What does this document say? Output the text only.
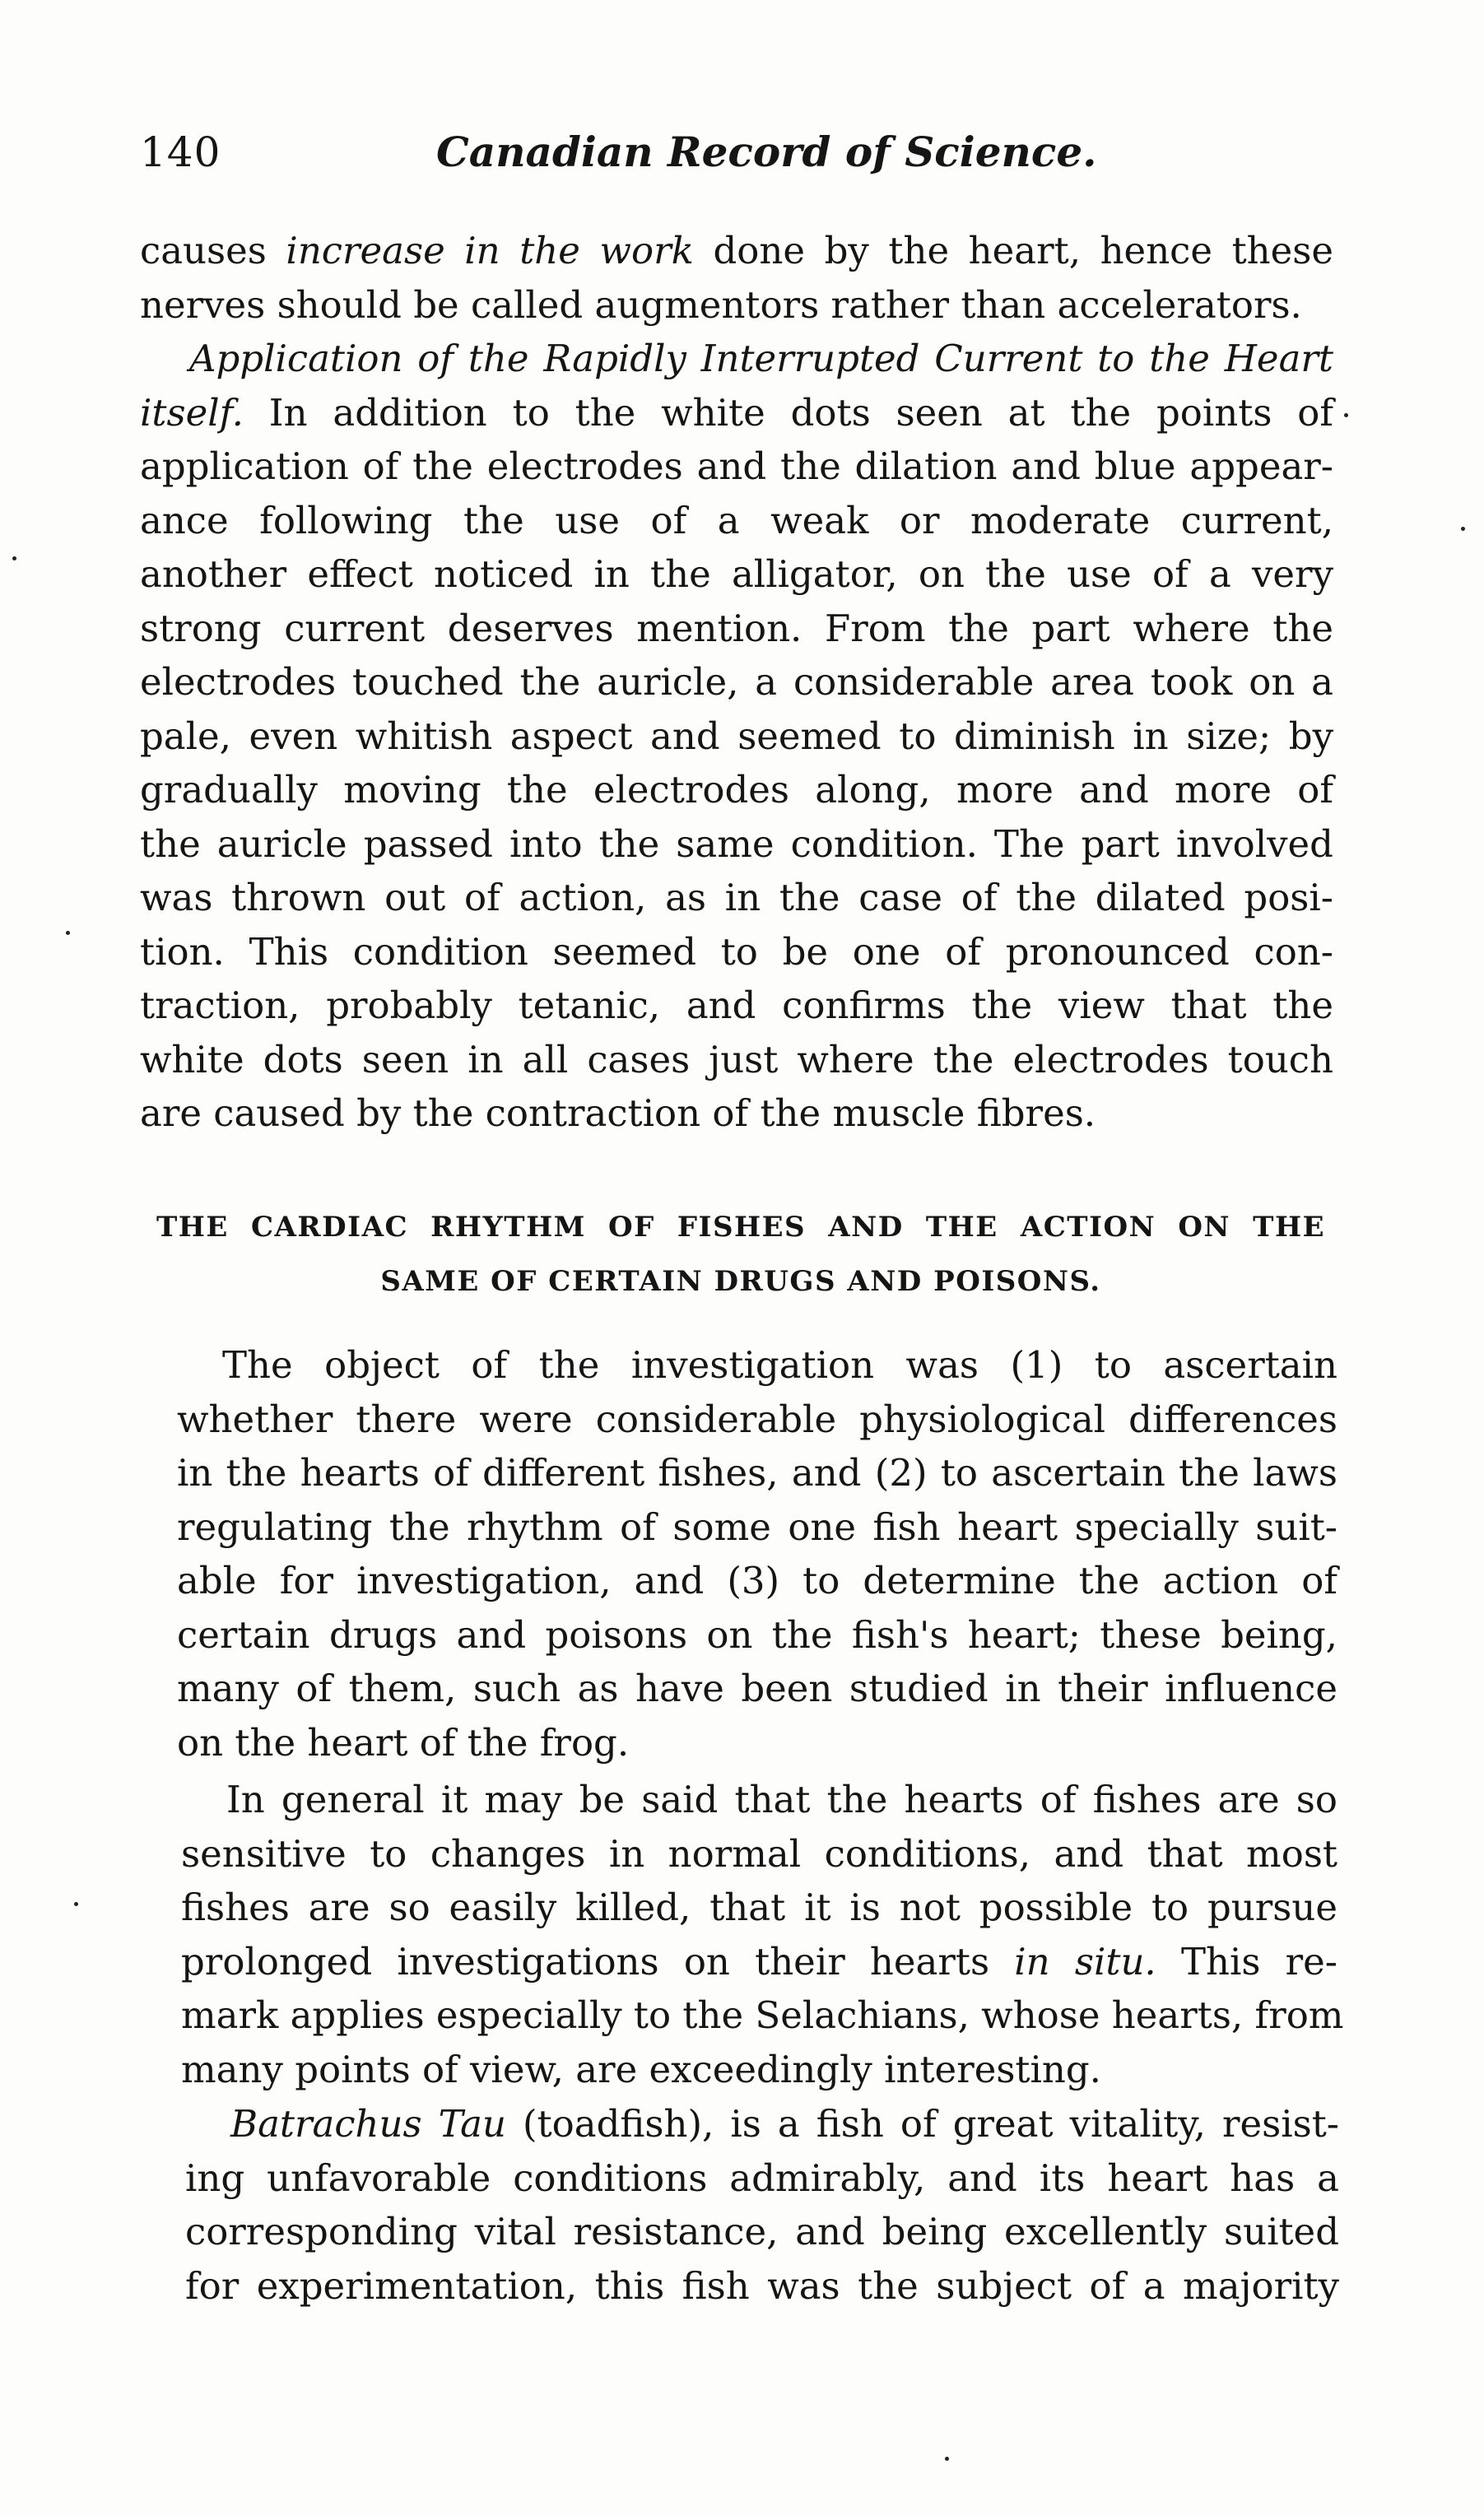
140	Canadian Record of Science.
causes increase in the work done by the heart, hence these
nerves should be called augmentors rather than accelerators.
Application of the Rapidly Interrupted Current to the Heart
itself. In addition to the white dots seen at the points of
application of the electrodes and the dilation and blue appear-
ance following the use of a weak or moderate current,
another effect noticed in the alligator, on the use of a very
strong current deserves mention. From the part where the
electrodes touched the auricle, a considerable area took on a
pale, even whitish aspect and seemed to diminish in size; by
gradually moving the electrodes along, more and more of
the auricle passed into the same condition. The part involved
was thrown out of action, as in the case of the dilated posi-
tion. This condition seemed to be one of pronounced con-
traction, probably tetanic, and confirms the view that the
white dots seen in all cases just where the electrodes touch
are caused by the contraction of the muscle fibres.
THE CARDIAC RHYTHM OF FISHES AND THE ACTION ON THE
SAME OF CERTAIN DRUGS AND POISONS.
The object of the investigation was (1) to ascertain
whether there were considerable physiological differences
in the hearts of different fishes, and (2) to ascertain the laws
regulating the rhythm of some one fish heart specially suit-
able for investigation, and (3) to determine the action of
certain drugs and poisons on the fish's heart; these being,
many of them, such as have been studied in their influence
on the heart of the frog.
In general it may be said that the hearts of fishes are so
sensitive to changes in normal conditions, and that most
fishes are so easily killed, that it is not possible to pursue
prolonged investigations on their hearts in situ. This re-
mark applies especially to the Selachians, whose hearts, from
many points of view, are exceedingly interesting.
Batrachus Tau (toadfish), is a fish of great vitality, resist-
ing unfavorable conditions admirably, and its heart has a
corresponding vital resistance, and being excellently suited
for experimentation, this fish was the subject of a majority
